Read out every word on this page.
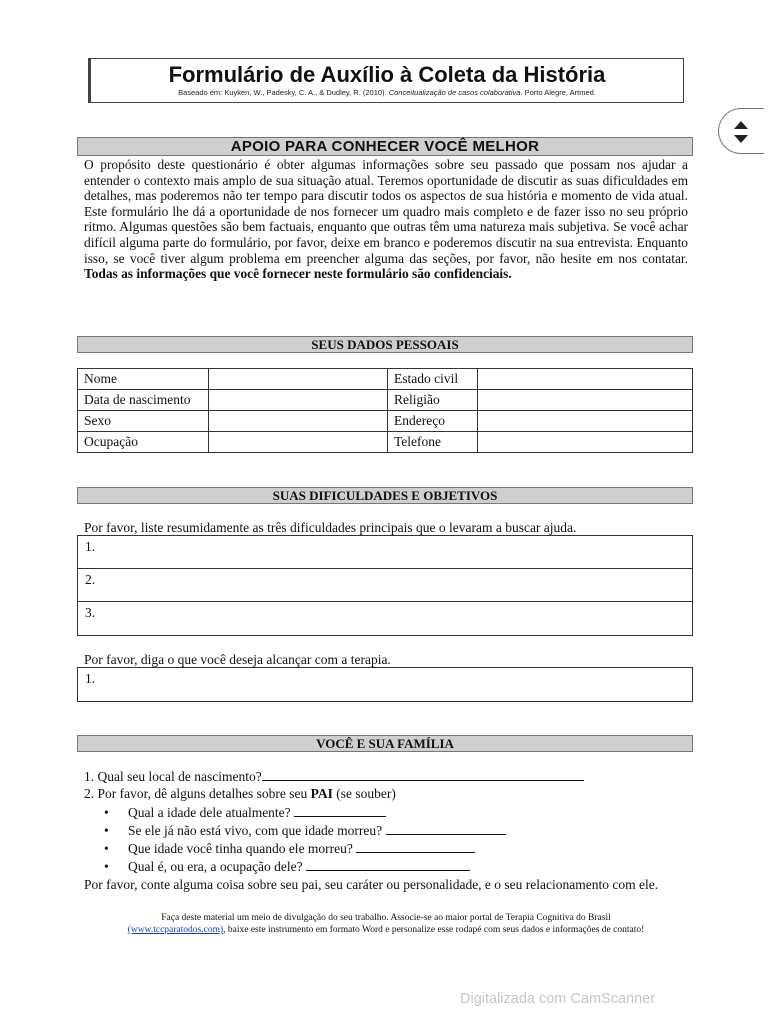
Formulário de Auxílio à Coleta da História
Baseado em: Kuyken, W., Padesky, C. A., & Dudley, R. (2010). Conceitualização de casos colaborativa. Porto Alegre, Artmed.
APOIO PARA CONHECER VOCÊ MELHOR

O propósito deste questionário é obter algumas informações sobre seu passado que possam nos ajudar a entender o contexto mais amplo de sua situação atual. Teremos oportunidade de discutir as suas dificuldades em detalhes, mas poderemos não ter tempo para discutir todos os aspectos de sua história e momento de vida atual. Este formulário lhe dá a oportunidade de nos fornecer um quadro mais completo e de fazer isso no seu próprio ritmo. Algumas questões são bem factuais, enquanto que outras têm uma natureza mais subjetiva. Se você achar difícil alguma parte do formulário, por favor, deixe em branco e poderemos discutir na sua entrevista. Enquanto isso, se você tiver algum problema em preencher alguma das seções, por favor, não hesite em nos contatar. Todas as informações que você fornecer neste formulário são confidenciais.

SEUS DADOS PESSOAIS
Nome		Estado civil	
Data de nascimento		Religião	
Sexo		Endereço	
Ocupação		Telefone	
SUAS DIFICULDADES E OBJETIVOS

Por favor, liste resumidamente as três dificuldades principais que o levaram a buscar ajuda.

1.
2.
3.

Por favor, diga o que você deseja alcançar com a terapia.

1.
VOCÊ E SUA FAMÍLIA
1. Qual seu local de nascimento?
2. Por favor, dê alguns detalhes sobre seu PAI (se souber)
• Qual a idade dele atualmente?
• Se ele já não está vivo, com que idade morreu?
• Que idade você tinha quando ele morreu?
• Qual é, ou era, a ocupação dele?
Por favor, conte alguma coisa sobre seu pai, seu caráter ou personalidade, e o seu relacionamento com ele.
Faça deste material um meio de divulgação do seu trabalho. Associe-se ao maior portal de Terapia Cognitiva do Brasil
(www.tccparatodos.com), baixe este instrumento em formato Word e personalize esse rodapé com seus dados e informações de contato!
Digitalizada com CamScanner
